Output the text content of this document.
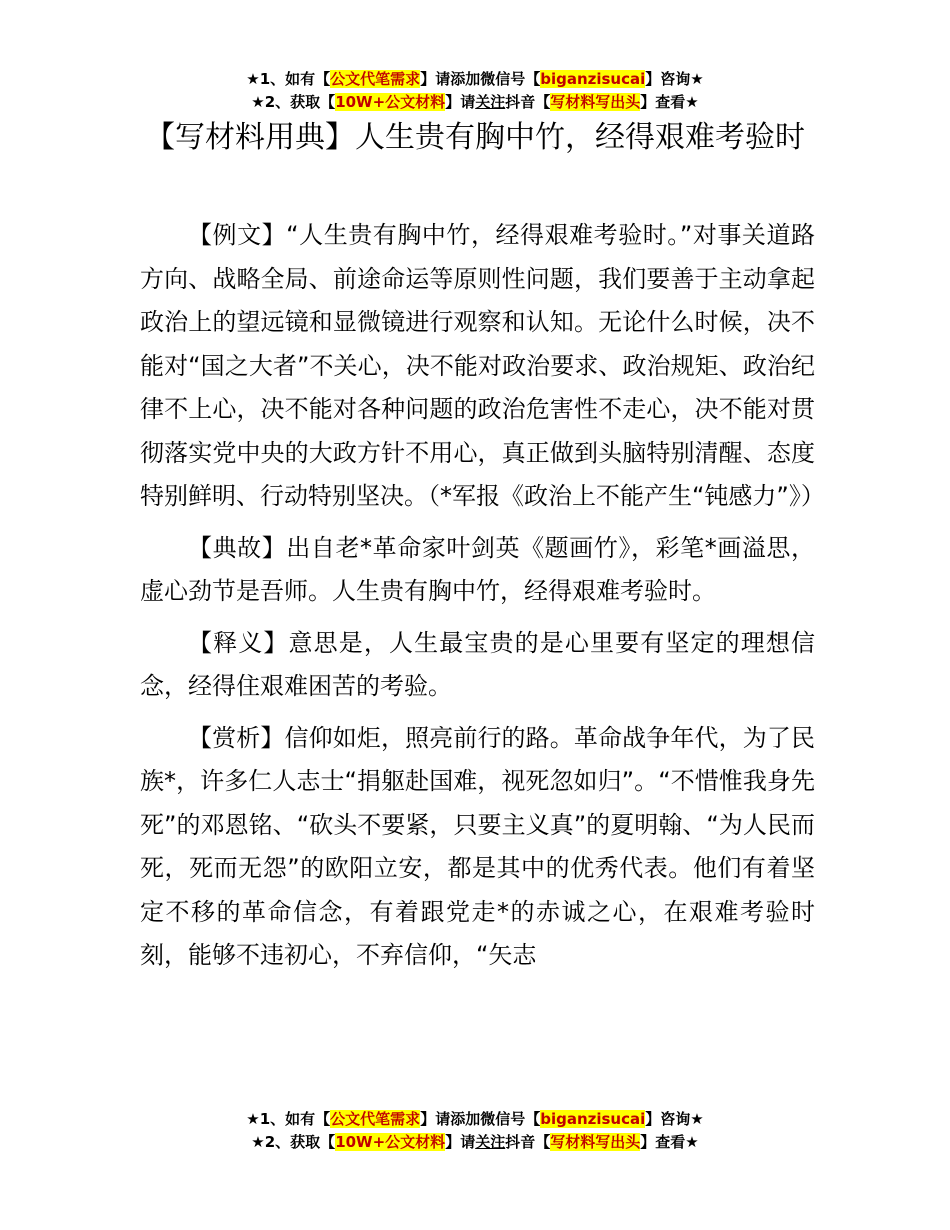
★1、如有【公文代笔需求】请添加微信号【biganzisucai】咨询★
★2、获取【10W+公文材料】请关注抖音【写材料写出头】查看★
【写材料用典】人生贵有胸中竹，经得艰难考验时

【例文】“人生贵有胸中竹，经得艰难考验时。”对事关道路方向、战略全局、前途命运等原则性问题，我们要善于主动拿起政治上的望远镜和显微镜进行观察和认知。无论什么时候，决不能对“国之大者”不关心，决不能对政治要求、政治规矩、政治纪律不上心，决不能对各种问题的政治危害性不走心，决不能对贯彻落实党中央的大政方针不用心，真正做到头脑特别清醒、态度特别鲜明、行动特别坚决。（*军报《政治上不能产生“钝感力”》）

【典故】出自老*革命家叶剑英《题画竹》，彩笔*画溢思，虚心劲节是吾师。人生贵有胸中竹，经得艰难考验时。

【释义】意思是，人生最宝贵的是心里要有坚定的理想信念，经得住艰难困苦的考验。

【赏析】信仰如炬，照亮前行的路。革命战争年代，为了民族*，许多仁人志士“捐躯赴国难，视死忽如归”。“不惜惟我身先死”的邓恩铭、“砍头不要紧，只要主义真”的夏明翰、“为人民而死，死而无怨”的欧阳立安，都是其中的优秀代表。他们有着坚定不移的革命信念，有着跟党走*的赤诚之心，在艰难考验时刻，能够不违初心，不弃信仰，“矢志

★1、如有【公文代笔需求】请添加微信号【biganzisucai】咨询★
★2、获取【10W+公文材料】请关注抖音【写材料写出头】查看★
